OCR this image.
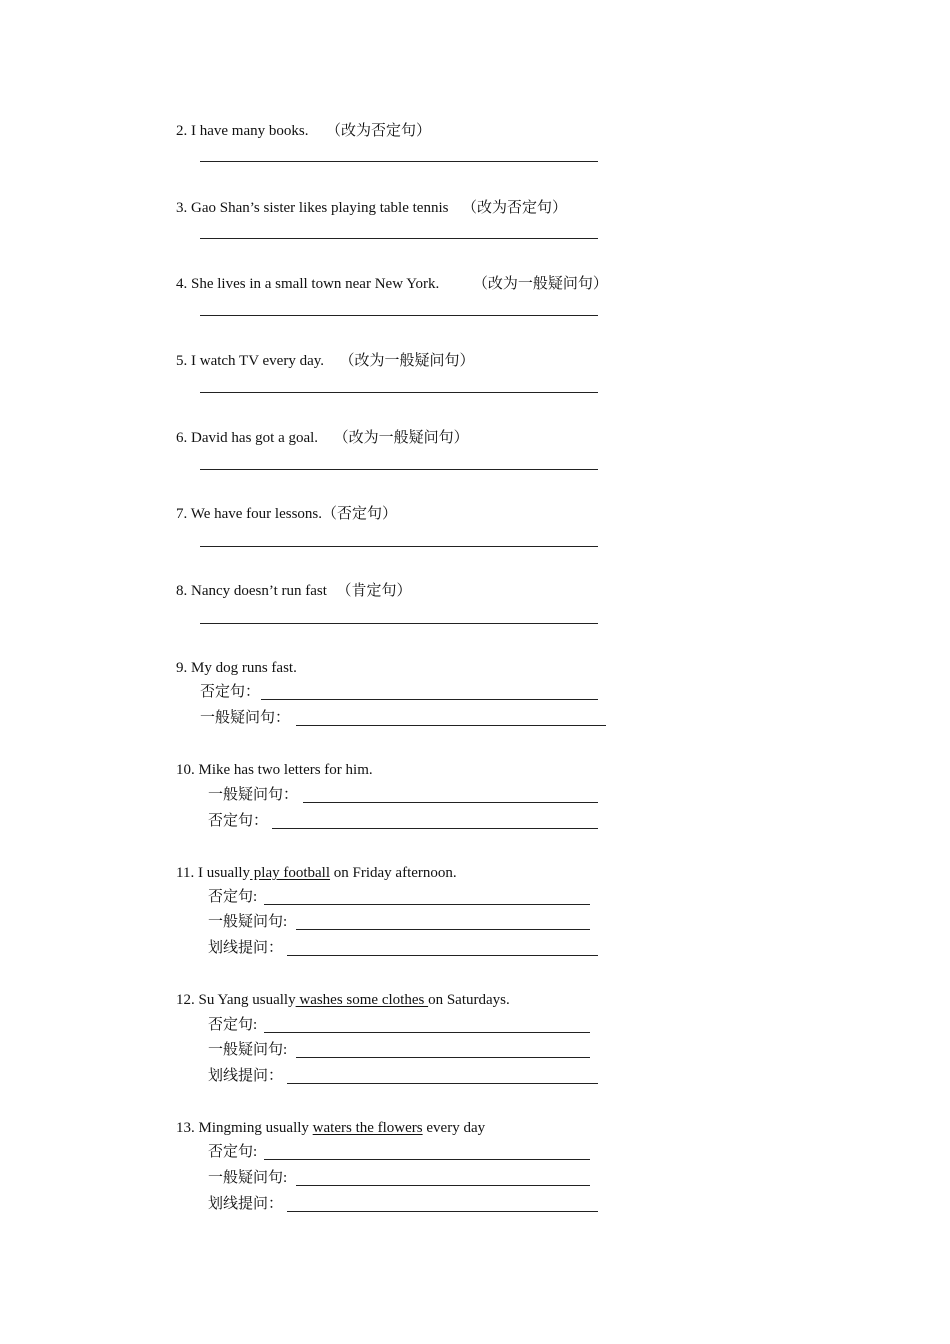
2. I have many books. （改为否定句）
3. Gao Shan’s sister likes playing table tennis （改为否定句）
4. She lives in a small town near New York. （改为一般疑问句）
5. I watch TV every day. （改为一般疑问句）
6. David has got a goal. （改为一般疑问句）
7. We have four lessons.（否定句）
8. Nancy doesn’t run fast （肯定句）
9. My dog runs fast.
否定句：
一般疑问句：
10. Mike has two letters for him.
一般疑问句：
否定句：
11. I usually play football on Friday afternoon.
否定句:
一般疑问句:
划线提问：
12. Su Yang usually washes some clothes on Saturdays.
否定句:
一般疑问句:
划线提问：
13. Mingming usually waters the flowers every day
否定句:
一般疑问句:
划线提问：
